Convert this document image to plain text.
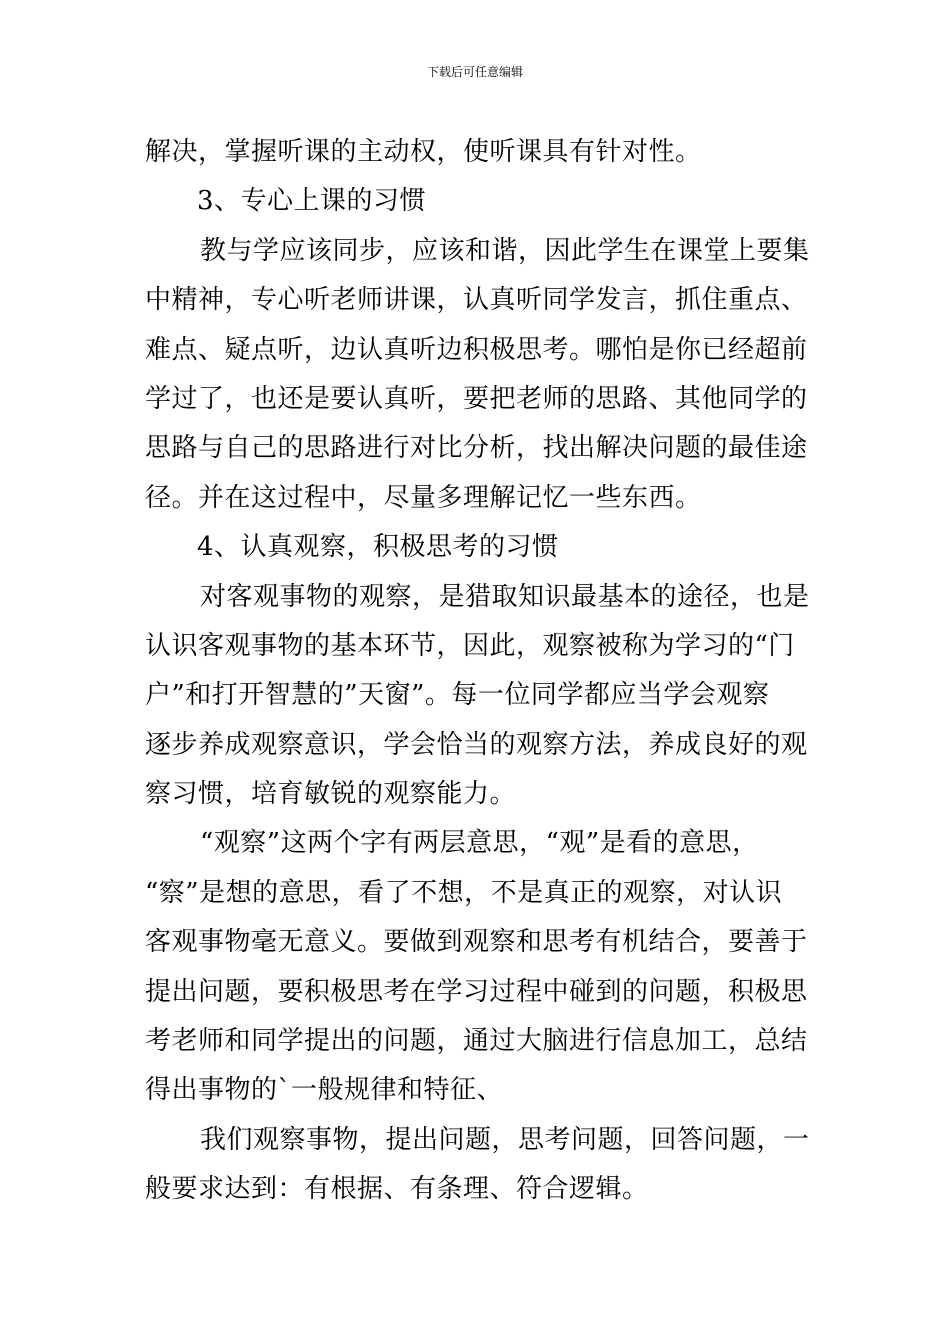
下载后可任意编辑
解决，掌握听课的主动权，使听课具有针对性。
3、专心上课的习惯
教与学应该同步，应该和谐，因此学生在课堂上要集
中精神，专心听老师讲课，认真听同学发言，抓住重点、
难点、疑点听，边认真听边积极思考。哪怕是你已经超前
学过了，也还是要认真听，要把老师的思路、其他同学的
思路与自己的思路进行对比分析，找出解决问题的最佳途
径。并在这过程中，尽量多理解记忆一些东西。
4、认真观察，积极思考的习惯
对客观事物的观察，是猎取知识最基本的途径，也是
认识客观事物的基本环节，因此，观察被称为学习的“门
户”和打开智慧的”天窗”。每一位同学都应当学会观察
逐步养成观察意识，学会恰当的观察方法，养成良好的观
察习惯，培育敏锐的观察能力。
“观察”这两个字有两层意思，“观”是看的意思，
“察”是想的意思，看了不想，不是真正的观察，对认识
客观事物毫无意义。要做到观察和思考有机结合，要善于
提出问题，要积极思考在学习过程中碰到的问题，积极思
考老师和同学提出的问题，通过大脑进行信息加工，总结
得出事物的`一般规律和特征、
我们观察事物，提出问题，思考问题，回答问题，一
般要求达到：有根据、有条理、符合逻辑。
